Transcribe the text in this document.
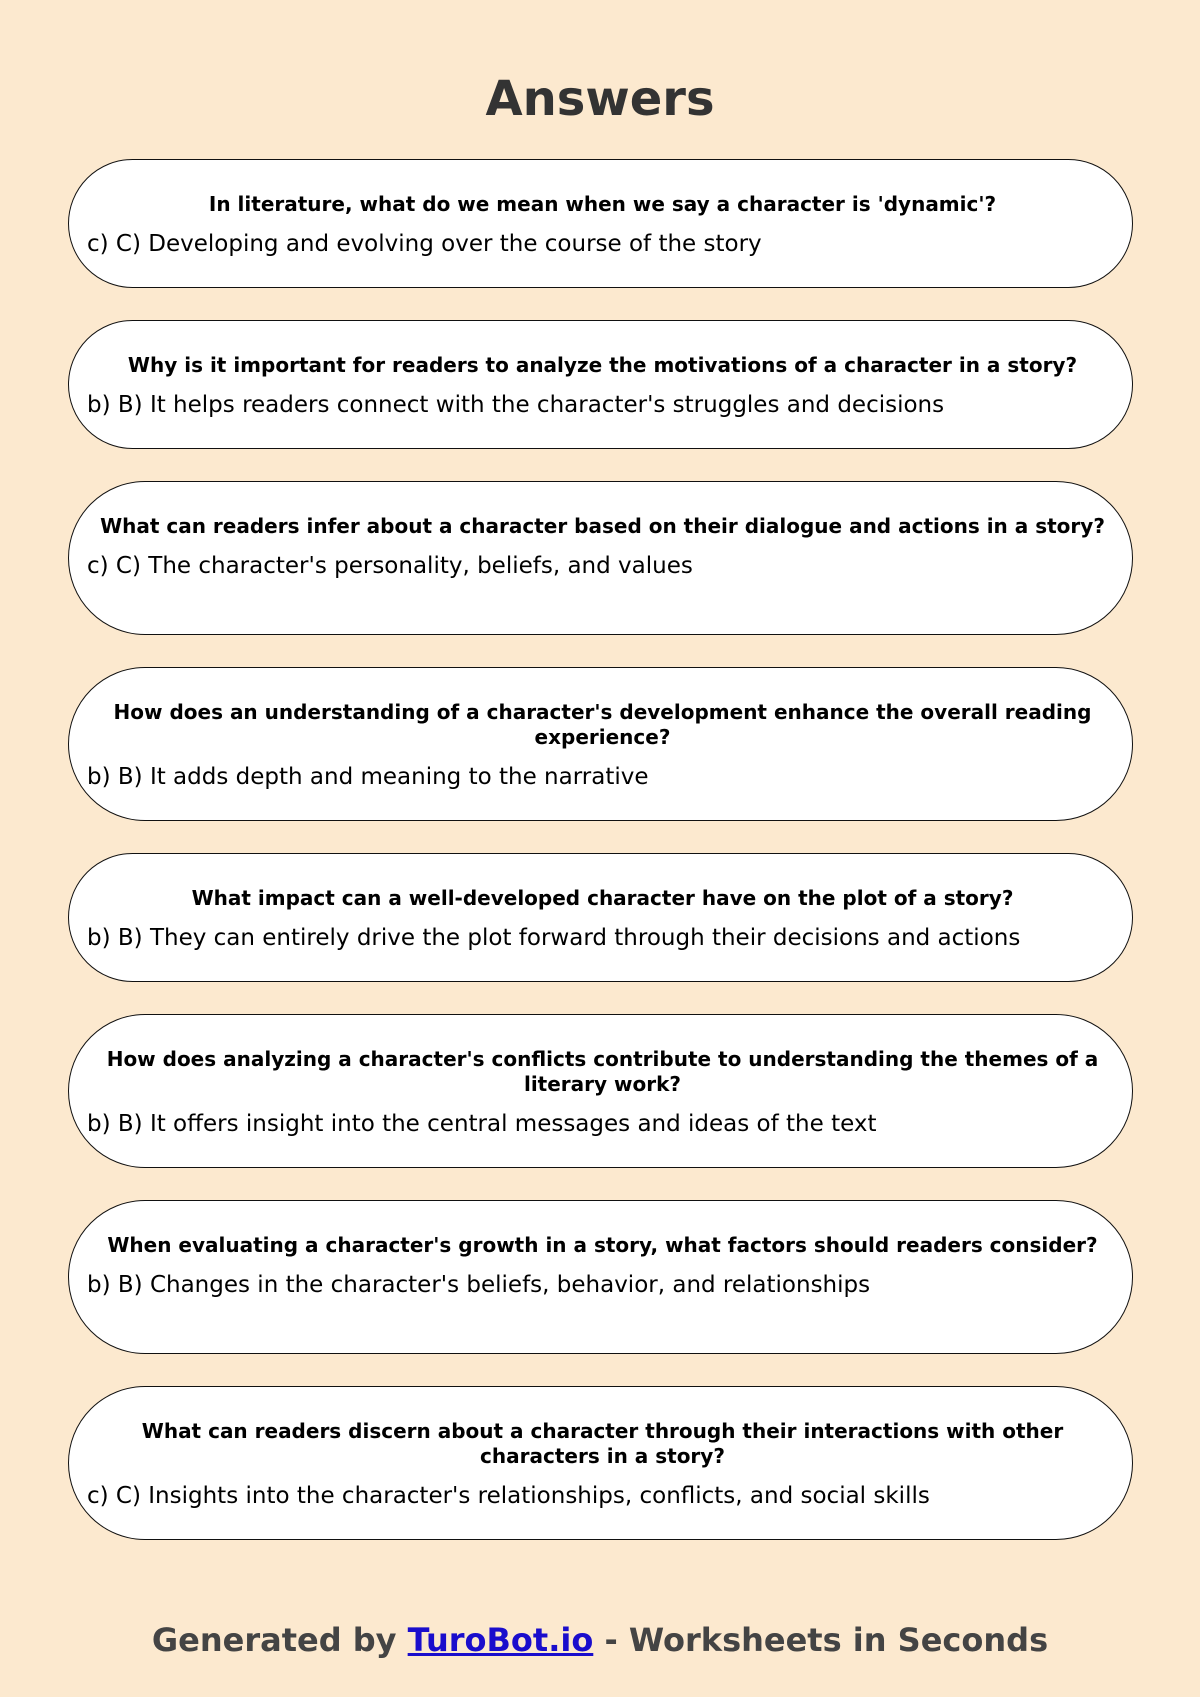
Answers

In literature, what do we mean when we say a character is 'dynamic'?

c) C) Developing and evolving over the course of the story

Why is it important for readers to analyze the motivations of a character in a story?

b) B) It helps readers connect with the character's struggles and decisions

What can readers infer about a character based on their dialogue and actions in a story?

c) C) The character's personality, beliefs, and values

How does an understanding of a character's development enhance the overall reading experience?

b) B) It adds depth and meaning to the narrative

What impact can a well-developed character have on the plot of a story?

b) B) They can entirely drive the plot forward through their decisions and actions

How does analyzing a character's conflicts contribute to understanding the themes of a literary work?

b) B) It offers insight into the central messages and ideas of the text

When evaluating a character's growth in a story, what factors should readers consider?

b) B) Changes in the character's beliefs, behavior, and relationships

What can readers discern about a character through their interactions with other characters in a story?

c) C) Insights into the character's relationships, conflicts, and social skills

Generated by TuroBot.io - Worksheets in Seconds
